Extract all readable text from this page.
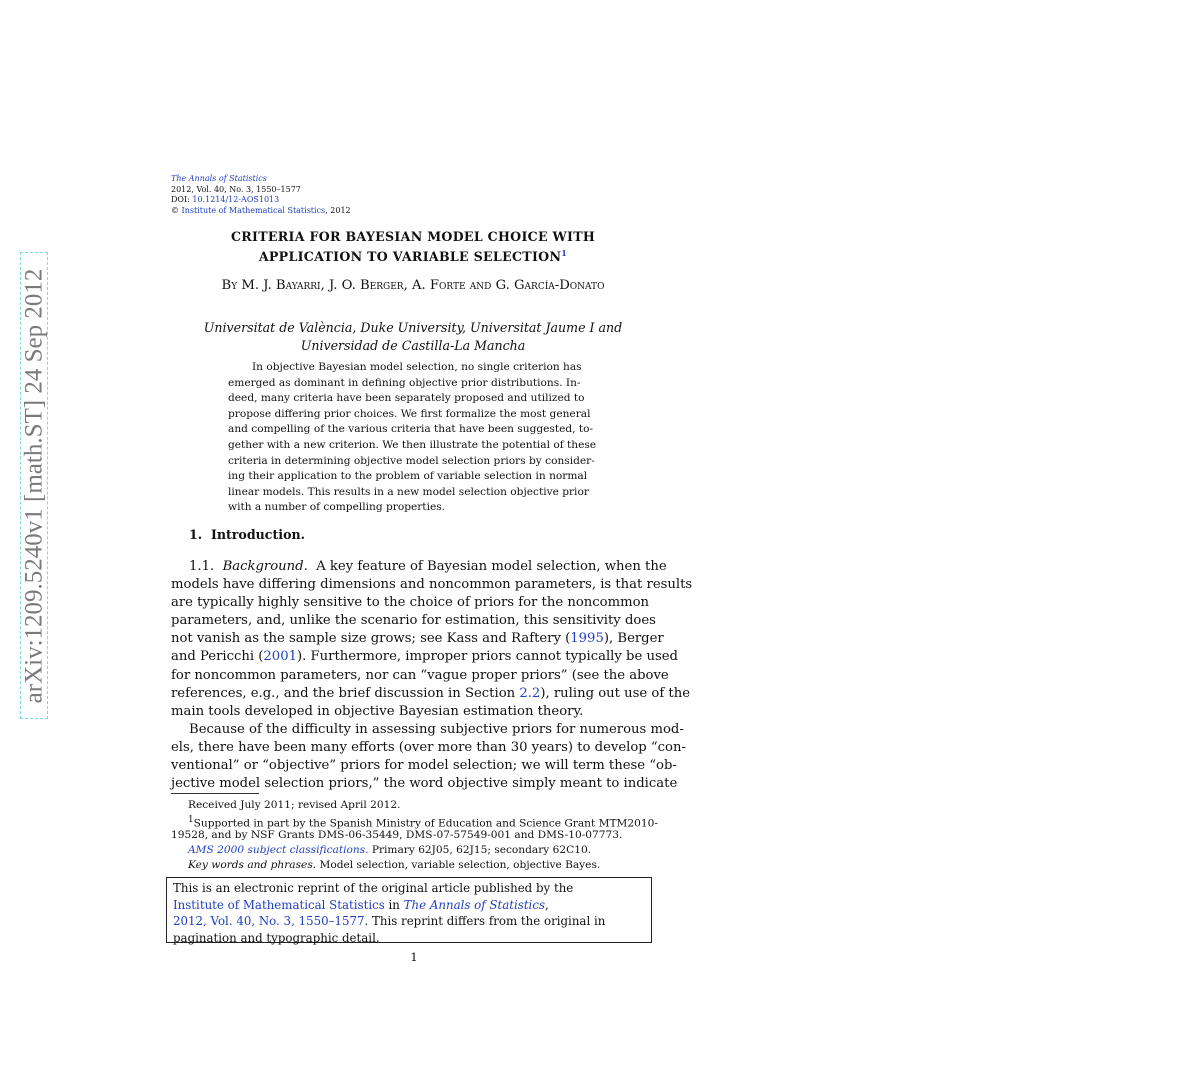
arXiv:1209.5240v1 [math.ST] 24 Sep 2012
The Annals of Statistics
2012, Vol. 40, No. 3, 1550–1577
DOI: 10.1214/12-AOS1013
© Institute of Mathematical Statistics, 2012
CRITERIA FOR BAYESIAN MODEL CHOICE WITH
APPLICATION TO VARIABLE SELECTION$^1$
By M. J. Bayarri, J. O. Berger, A. Forte and G. García-Donato
Universitat de València, Duke University, Universitat Jaume I and
Universidad de Castilla-La Mancha
In objective Bayesian model selection, no single criterion has
emerged as dominant in defining objective prior distributions. In-
deed, many criteria have been separately proposed and utilized to
propose differing prior choices. We first formalize the most general
and compelling of the various criteria that have been suggested, to-
gether with a new criterion. We then illustrate the potential of these
criteria in determining objective model selection priors by consider-
ing their application to the problem of variable selection in normal
linear models. This results in a new model selection objective prior
with a number of compelling properties.
1. Introduction.
1.1. Background. A key feature of Bayesian model selection, when the
models have differing dimensions and noncommon parameters, is that results
are typically highly sensitive to the choice of priors for the noncommon
parameters, and, unlike the scenario for estimation, this sensitivity does
not vanish as the sample size grows; see Kass and Raftery (1995), Berger
and Pericchi (2001). Furthermore, improper priors cannot typically be used
for noncommon parameters, nor can “vague proper priors” (see the above
references, e.g., and the brief discussion in Section 2.2), ruling out use of the
main tools developed in objective Bayesian estimation theory.
Because of the difficulty in assessing subjective priors for numerous mod-
els, there have been many efforts (over more than 30 years) to develop “con-
ventional” or “objective” priors for model selection; we will term these “ob-
jective model selection priors,” the word objective simply meant to indicate
Received July 2011; revised April 2012.
$^1$Supported in part by the Spanish Ministry of Education and Science Grant MTM2010-
19528, and by NSF Grants DMS-06-35449, DMS-07-57549-001 and DMS-10-07773.
AMS 2000 subject classifications. Primary 62J05, 62J15; secondary 62C10.
Key words and phrases. Model selection, variable selection, objective Bayes.
This is an electronic reprint of the original article published by the
Institute of Mathematical Statistics in The Annals of Statistics,
2012, Vol. 40, No. 3, 1550–1577. This reprint differs from the original in
pagination and typographic detail.
1
